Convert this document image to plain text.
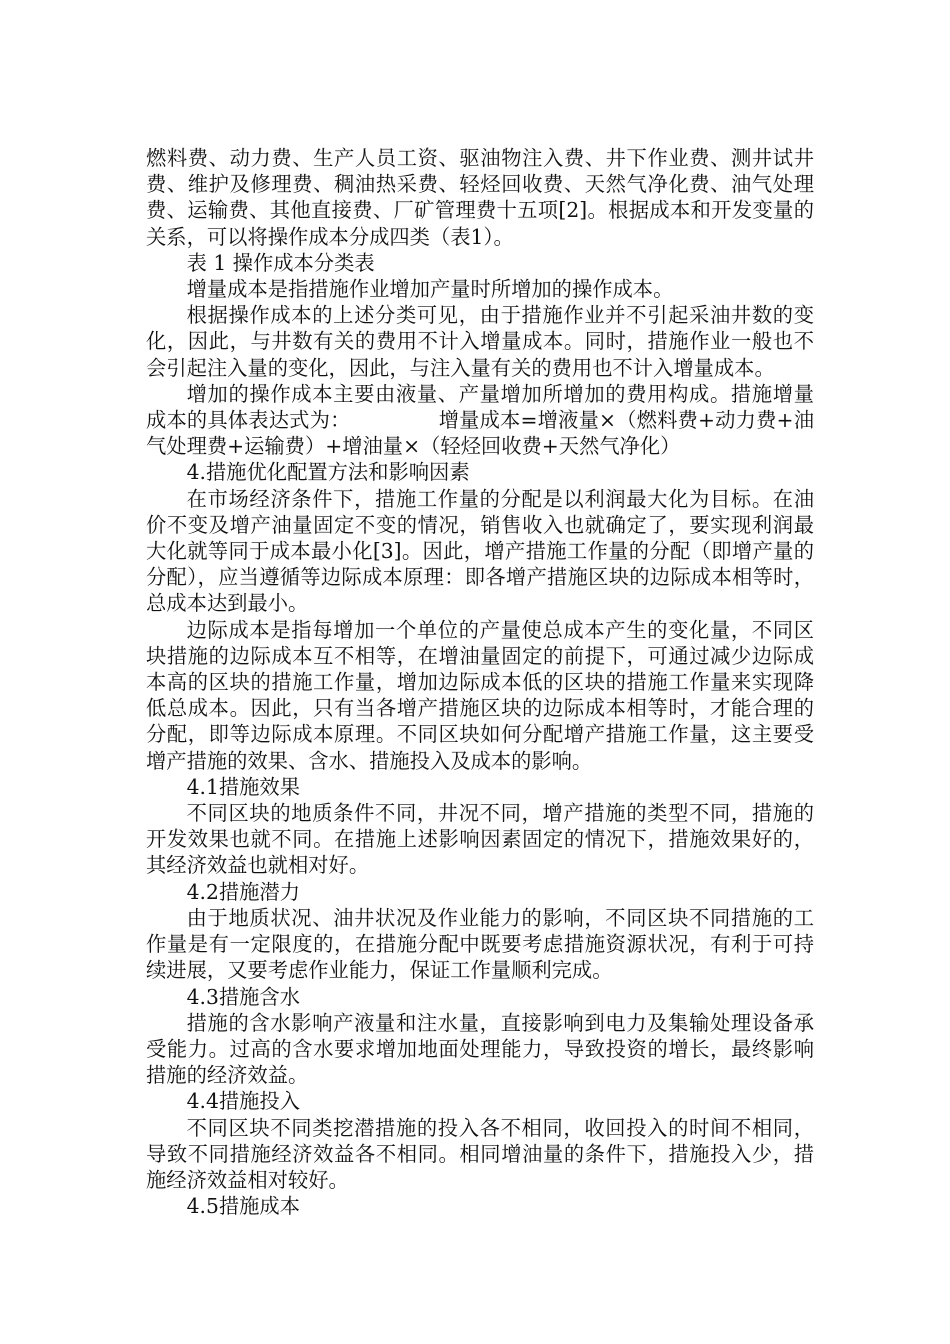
燃料费、动力费、生产人员工资、驱油物注入费、井下作业费、测井试井费、维护及修理费、稠油热采费、轻烃回收费、天然气净化费、油气处理费、运输费、其他直接费、厂矿管理费十五项[2]。根据成本和开发变量的关系，可以将操作成本分成四类（表1）。

表 1 操作成本分类表

增量成本是指措施作业增加产量时所增加的操作成本。

根据操作成本的上述分类可见，由于措施作业并不引起采油井数的变化，因此，与井数有关的费用不计入增量成本。同时，措施作业一般也不会引起注入量的变化，因此，与注入量有关的费用也不计入增量成本。

增加的操作成本主要由液量、产量增加所增加的费用构成。措施增量成本的具体表达式为：	增量成本=增液量×（燃料费+动力费+油气处理费+运输费）+增油量×（轻烃回收费+天然气净化）

4.措施优化配置方法和影响因素

在市场经济条件下，措施工作量的分配是以利润最大化为目标。在油价不变及增产油量固定不变的情况，销售收入也就确定了，要实现利润最大化就等同于成本最小化[3]。因此，增产措施工作量的分配（即增产量的分配），应当遵循等边际成本原理：即各增产措施区块的边际成本相等时，总成本达到最小。

边际成本是指每增加一个单位的产量使总成本产生的变化量，不同区块措施的边际成本互不相等，在增油量固定的前提下，可通过减少边际成本高的区块的措施工作量，增加边际成本低的区块的措施工作量来实现降低总成本。因此，只有当各增产措施区块的边际成本相等时，才能合理的分配，即等边际成本原理。不同区块如何分配增产措施工作量，这主要受增产措施的效果、含水、措施投入及成本的影响。

4.1措施效果

不同区块的地质条件不同，井况不同，增产措施的类型不同，措施的开发效果也就不同。在措施上述影响因素固定的情况下，措施效果好的，其经济效益也就相对好。

4.2措施潜力

由于地质状况、油井状况及作业能力的影响，不同区块不同措施的工作量是有一定限度的，在措施分配中既要考虑措施资源状况，有利于可持续进展，又要考虑作业能力，保证工作量顺利完成。

4.3措施含水

措施的含水影响产液量和注水量，直接影响到电力及集输处理设备承受能力。过高的含水要求增加地面处理能力，导致投资的增长，最终影响措施的经济效益。

4.4措施投入

不同区块不同类挖潜措施的投入各不相同，收回投入的时间不相同，导致不同措施经济效益各不相同。相同增油量的条件下，措施投入少，措施经济效益相对较好。

4.5措施成本
